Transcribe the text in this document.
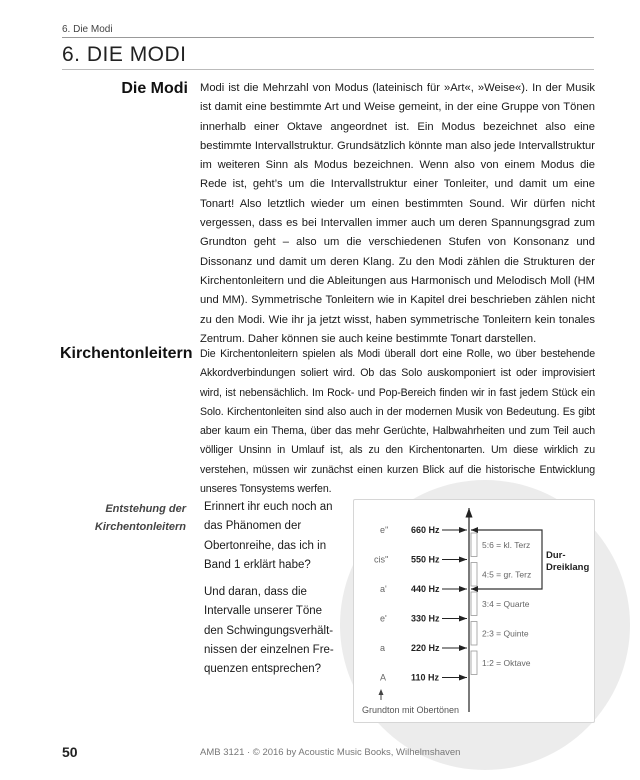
6. Die Modi
6. DIE MODI
Die Modi Modi ist die Mehrzahl von Modus (lateinisch für »Art«, »Weise«). In der Musik ist damit eine bestimmte Art und Weise gemeint, in der eine Gruppe von Tönen innerhalb einer Oktave angeordnet ist. Ein Modus bezeichnet also eine bestimmte Intervallstruktur. Grundsätzlich könnte man also jede Intervallstruktur im weiteren Sinn als Modus bezeichnen. Wenn also von einem Modus die Rede ist, geht’s um die Intervallstruktur einer Tonleiter, und damit um eine Tonart! Also letztlich wieder um einen bestimmten Sound. Wir dürfen nicht vergessen, dass es bei Intervallen immer auch um deren Spannungsgrad zum Grundton geht – also um die verschiedenen Stufen von Konsonanz und Dissonanz und damit um deren Klang. Zu den Modi zählen die Strukturen der Kirchentonleitern und die Ableitungen aus Harmonisch und Melodisch Moll (HM und MM). Symmetrische Tonleitern wie in Kapitel drei beschrieben zählen nicht zu den Modi. Wie ihr ja jetzt wisst, haben symmetrische Tonleitern kein tonales Zentrum. Daher können sie auch keine bestimmte Tonart darstellen.
Kirchentonleitern Die Kirchentonleitern spielen als Modi überall dort eine Rolle, wo über bestehende Akkordverbindungen soliert wird. Ob das Solo auskomponiert ist oder improvisiert wird, ist nebensächlich. Im Rock- und Pop-Bereich finden wir in fast jedem Stück ein Solo. Kirchentonleiten sind also auch in der modernen Musik von Bedeutung. Es gibt aber kaum ein Thema, über das mehr Gerüchte, Halbwahrheiten und zum Teil auch völliger Unsinn in Umlauf ist, als zu den Kirchentonarten. Um diese wirklich zu verstehen, müssen wir zunächst einen kurzen Blick auf die historische Entwicklung unseres Tonsystems werfen.
Entstehung der
Kirchentonleitern

Erinnert ihr euch noch an das Phänomen der Obertonreihe, das ich in Band 1 erklärt habe?

Und daran, dass die Intervalle unserer Töne den Schwingungsverhält-nissen der einzelnen Fre-quenzen entsprechen?

e''	660 Hz
cis''	550 Hz
a'	440 Hz
e'	330 Hz
a	220 Hz
A	110 Hz
5:6 = kl. Terz
4:5 = gr. Terz
3:4 = Quarte
2:3 = Quinte
1:2 = Oktave
Dur-
Dreiklang
Grundton mit Obertönen
50	AMB 3121 · © 2016 by Acoustic Music Books, Wilhelmshaven
